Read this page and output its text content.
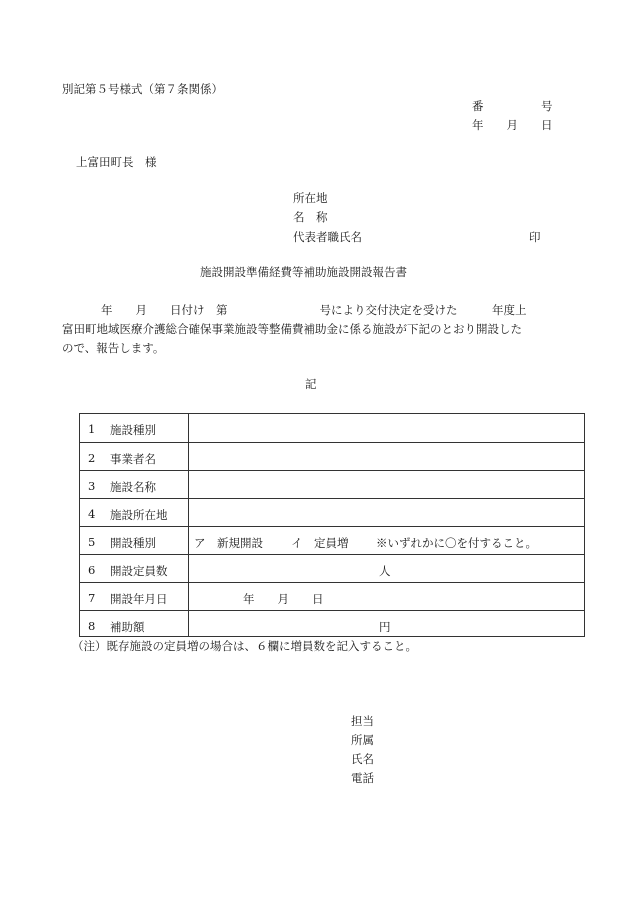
別記第５号様式（第７条関係）
番　　　　　号
年　　月　　日
上富田町長　様
所在地
名　称
代表者職氏名	印
施設開設準備経費等補助施設開設報告書
年　　月　　日付け　第　　　　　　　　号により交付決定を受けた　　　年度上
富田町地域医療介護総合確保事業施設等整備費補助金に係る施設が下記のとおり開設した
ので、報告します。
記
1 施設種別
2 事業者名
3 施設名称
4 施設所在地
5 開設種別	ア　新規開設 イ　定員増 ※いずれかに〇を付すること。
6 開設定員数	人
7 開設年月日	年　　月　　日
8 補助額	円
（注）既存施設の定員増の場合は、６欄に増員数を記入すること。
担当
所属
氏名
電話
